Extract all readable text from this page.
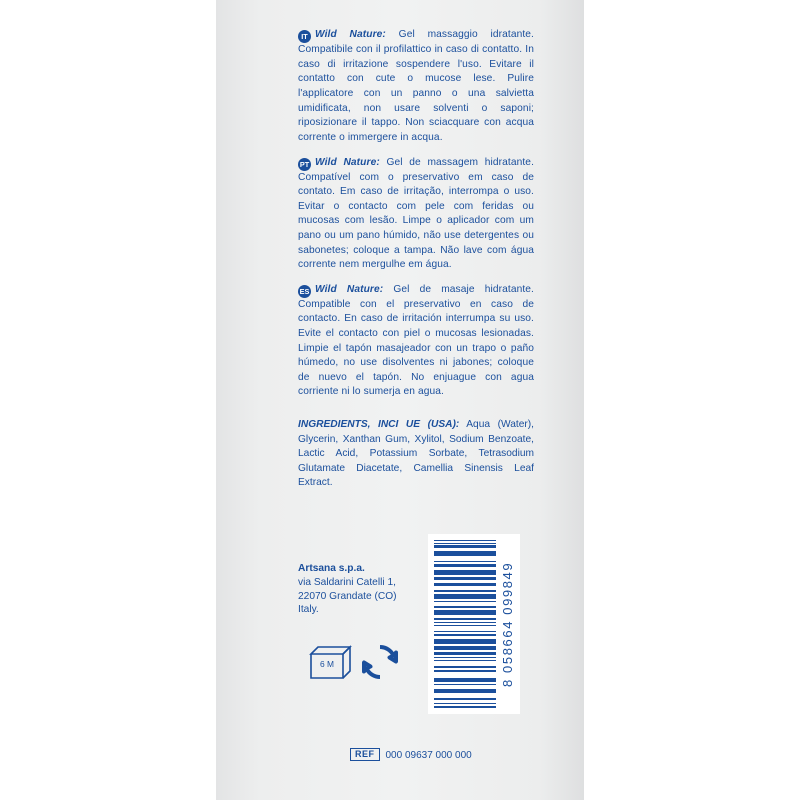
IT Wild Nature: Gel massaggio idratante. Compatibile con il profilattico in caso di contatto. In caso di irritazione sospendere l'uso. Evitare il contatto con cute o mucose lese. Pulire l'applicatore con un panno o una salvietta umidificata, non usare solventi o saponi; riposizionare il tappo. Non sciacquare con acqua corrente o immergere in acqua.

PT Wild Nature: Gel de massagem hidratante. Compatível com o preservativo em caso de contato. Em caso de irritação, interrompa o uso. Evitar o contacto com pele com feridas ou mucosas com lesão. Limpe o aplicador com um pano ou um pano húmido, não use detergentes ou sabonetes; coloque a tampa. Não lave com água corrente nem mergulhe em água.

ES Wild Nature: Gel de masaje hidratante. Compatible con el preservativo en caso de contacto. En caso de irritación interrumpa su uso. Evite el contacto con piel o mucosas lesionadas. Limpie el tapón masajeador con un trapo o paño húmedo, no use disolventes ni jabones; coloque de nuevo el tapón. No enjuague con agua corriente ni lo sumerja en agua.

INGREDIENTS, INCI UE (USA): Aqua (Water), Glycerin, Xanthan Gum, Xylitol, Sodium Benzoate, Lactic Acid, Potassium Sorbate, Tetrasodium Glutamate Diacetate, Camellia Sinensis Leaf Extract.

Artsana s.p.a.
via Saldarini Catelli 1,
22070 Grandate (CO)
Italy.
6 M	8 058664 099849
REF 000 09637 000 000
